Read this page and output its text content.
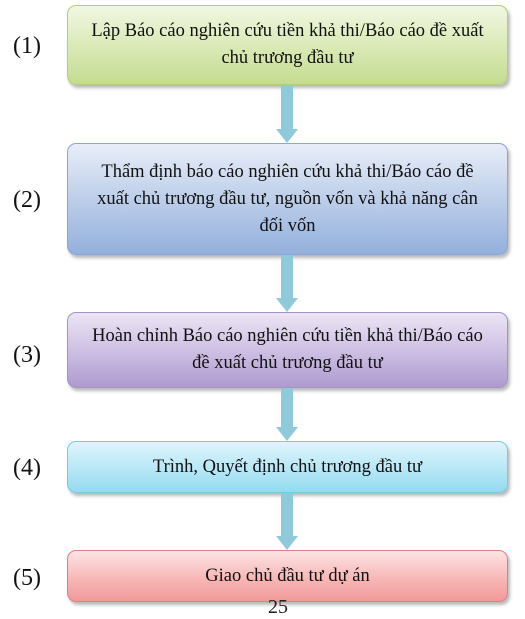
(1)
(2)
(3)
(4)
(5)
Lập Báo cáo nghiên cứu tiền khả thi/Báo cáo đề xuất chủ trương đầu tư
Thẩm định báo cáo nghiên cứu khả thi/Báo cáo đề xuất chủ trương đầu tư, nguồn vốn và khả năng cân đối vốn
Hoàn chỉnh Báo cáo nghiên cứu tiền khả thi/Báo cáo đề xuất chủ trương đầu tư
Trình, Quyết định chủ trương đầu tư
Giao chủ đầu tư dự án
25
